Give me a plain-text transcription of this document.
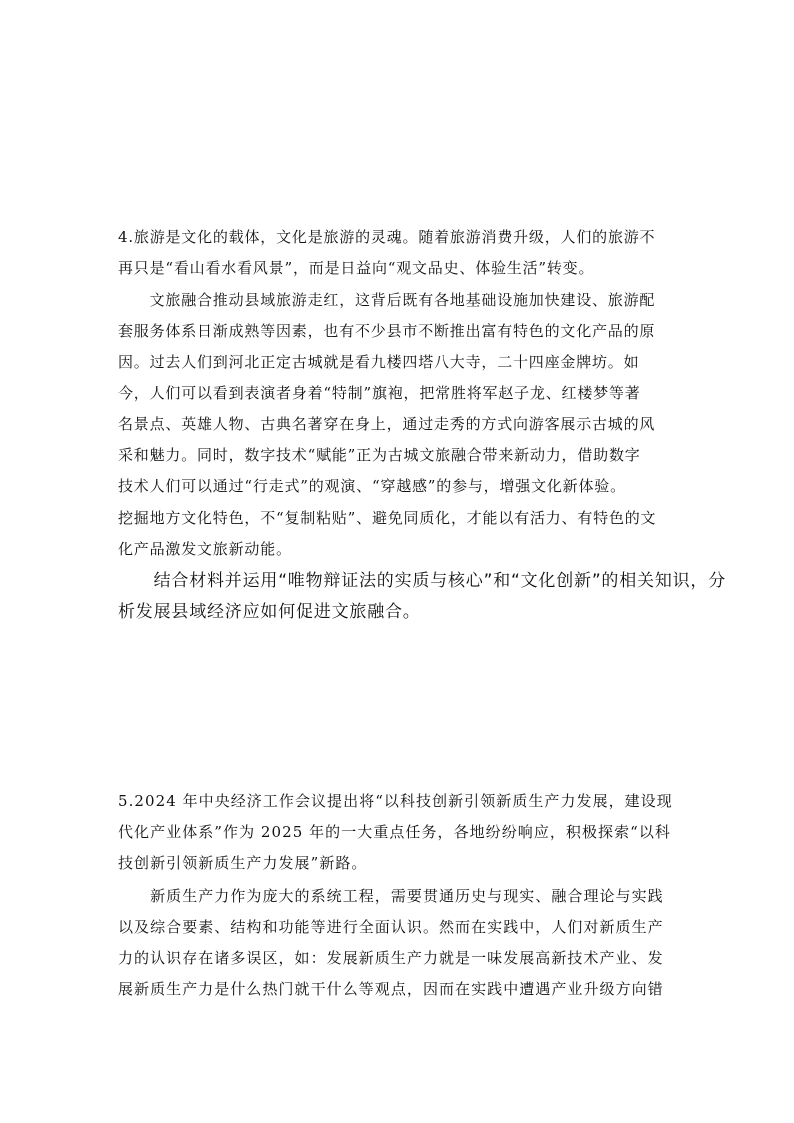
4.旅游是文化的载体，文化是旅游的灵魂。随着旅游消费升级，人们的旅游不
再只是“看山看水看风景”，而是日益向“观文品史、体验生活”转变。
　　文旅融合推动县域旅游走红，这背后既有各地基础设施加快建设、旅游配
套服务体系日渐成熟等因素，也有不少县市不断推出富有特色的文化产品的原
因。过去人们到河北正定古城就是看九楼四塔八大寺，二十四座金牌坊。如
今，人们可以看到表演者身着“特制”旗袍，把常胜将军赵子龙、红楼梦等著
名景点、英雄人物、古典名著穿在身上，通过走秀的方式向游客展示古城的风
采和魅力。同时，数字技术“赋能”正为古城文旅融合带来新动力，借助数字
技术人们可以通过“行走式”的观演、“穿越感”的参与，增强文化新体验。
挖掘地方文化特色，不“复制粘贴”、避免同质化，才能以有活力、有特色的文
化产品激发文旅新动能。
　　结合材料并运用“唯物辩证法的实质与核心”和“文化创新”的相关知识，分
析发展县域经济应如何促进文旅融合。
5.2024 年中央经济工作会议提出将“以科技创新引领新质生产力发展，建设现
代化产业体系”作为 2025 年的一大重点任务，各地纷纷响应，积极探索“以科
技创新引领新质生产力发展”新路。
　　新质生产力作为庞大的系统工程，需要贯通历史与现实、融合理论与实践
以及综合要素、结构和功能等进行全面认识。然而在实践中，人们对新质生产
力的认识存在诸多误区，如：发展新质生产力就是一味发展高新技术产业、发
展新质生产力是什么热门就干什么等观点，因而在实践中遭遇产业升级方向错
